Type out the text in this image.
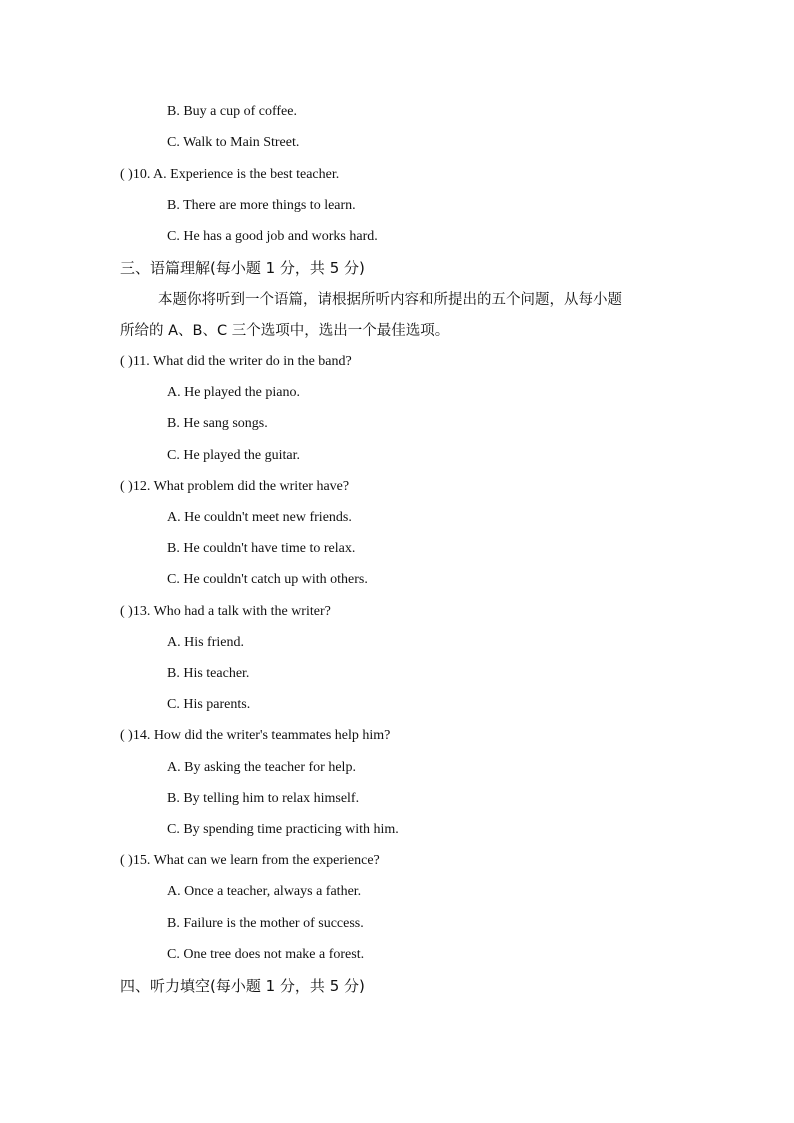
B. Buy a cup of coffee.
C. Walk to Main Street.
( )10. A. Experience is the best teacher.
B. There are more things to learn.
C. He has a good job and works hard.
三、语篇理解(每小题 1 分，共 5 分)
本题你将听到一个语篇，请根据所听内容和所提出的五个问题，从每小题
所给的 A、B、C 三个选项中，选出一个最佳选项。
( )11. What did the writer do in the band?
A. He played the piano.
B. He sang songs.
C. He played the guitar.
( )12. What problem did the writer have?
A. He couldn't meet new friends.
B. He couldn't have time to relax.
C. He couldn't catch up with others.
( )13. Who had a talk with the writer?
A. His friend.
B. His teacher.
C. His parents.
( )14. How did the writer's teammates help him?
A. By asking the teacher for help.
B. By telling him to relax himself.
C. By spending time practicing with him.
( )15. What can we learn from the experience?
A. Once a teacher, always a father.
B. Failure is the mother of success.
C. One tree does not make a forest.
四、听力填空(每小题 1 分，共 5 分)
